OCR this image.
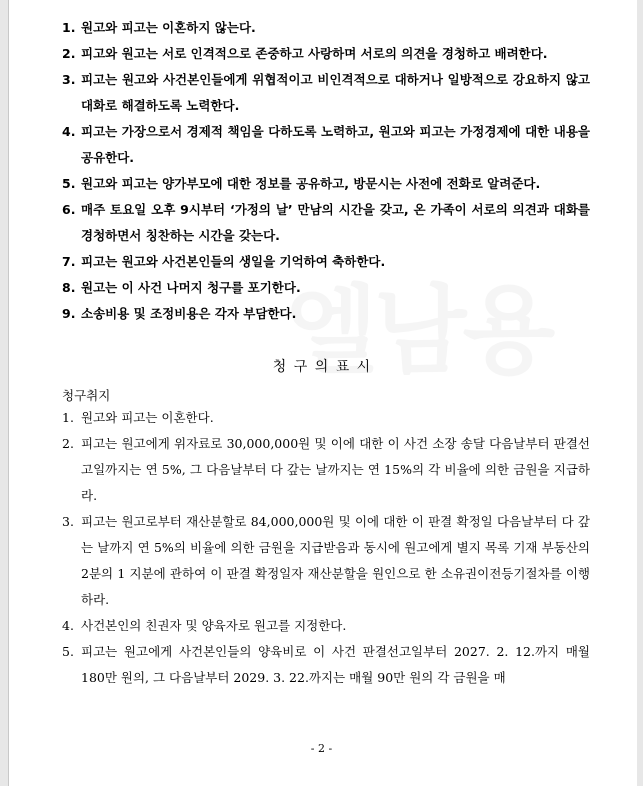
1. 원고와 피고는 이혼하지 않는다.
2. 피고와 원고는 서로 인격적으로 존중하고 사랑하며 서로의 의견을 경청하고 배려한다.
3. 피고는 원고와 사건본인들에게 위협적이고 비인격적으로 대하거나 일방적으로 강요하지 않고 대화로 해결하도록 노력한다.
4. 피고는 가장으로서 경제적 책임을 다하도록 노력하고, 원고와 피고는 가정경제에 대한 내용을 공유한다.
5. 원고와 피고는 양가부모에 대한 정보를 공유하고, 방문시는 사전에 전화로 알려준다.
6. 매주 토요일 오후 9시부터 ‘가정의 날’ 만남의 시간을 갖고, 온 가족이 서로의 의견과 대화를 경청하면서 칭찬하는 시간을 갖는다.
7. 피고는 원고와 사건본인들의 생일을 기억하여 축하한다.
8. 원고는 이 사건 나머지 청구를 포기한다.
9. 소송비용 및 조정비용은 각자 부담한다.
청 구 의 표 시
청구취지
1. 원고와 피고는 이혼한다.
2. 피고는 원고에게 위자료로 30,000,000원 및 이에 대한 이 사건 소장 송달 다음날부터 판결선고일까지는 연 5%, 그 다음날부터 다 갚는 날까지는 연 15%의 각 비율에 의한 금원을 지급하라.
3. 피고는 원고로부터 재산분할로 84,000,000원 및 이에 대한 이 판결 확정일 다음날부터 다 갚는 날까지 연 5%의 비율에 의한 금원을 지급받음과 동시에 원고에게 별지 목록 기재 부동산의 2분의 1 지분에 관하여 이 판결 확정일자 재산분할을 원인으로 한 소유권이전등기절차를 이행하라.
4. 사건본인의 친권자 및 양육자로 원고를 지정한다.
5. 피고는 원고에게 사건본인들의 양육비로 이 사건 판결선고일부터 2027. 2. 12.까지 매월 180만 원의, 그 다음날부터 2029. 3. 22.까지는 매월 90만 원의 각 금원을 매
- 2 -
